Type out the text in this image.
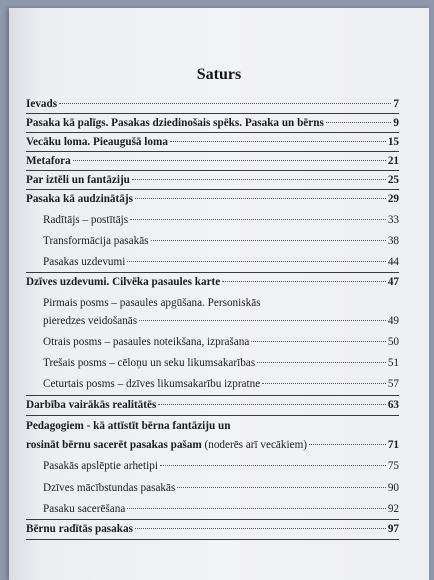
Saturs
Ievads	7
Pasaka kā palīgs. Pasakas dziedinošais spēks. Pasaka un bērns	9
Vecāku loma. Pieaugušā loma	15
Metafora	21
Par iztēli un fantāziju	25
Pasaka kā audzinātājs	29
Radītājs – postītājs	33
Transformācija pasakās	38
Pasakas uzdevumi	44
Dzīves uzdevumi. Cilvēka pasaules karte	47
Pirmais posms – pasaules apgūšana. Personiskās
pieredzes veidošanās	49
Otrais posms – pasaules noteikšana, izprašana	50
Trešais posms – cēloņu un seku likumsakarības	51
Ceturtais posms – dzīves likumsakarību izpratne	57
Darbība vairākās realitātēs	63
Pedagogiem - kā attīstīt bērna fantāziju un
rosināt bērnu sacerēt pasakas pašam (noderēs arī vecākiem)	71
Pasakās apslēptie arhetipi	75
Dzīves mācībstundas pasakās	90
Pasaku sacerēšana	92
Bērnu radītās pasakas	97
